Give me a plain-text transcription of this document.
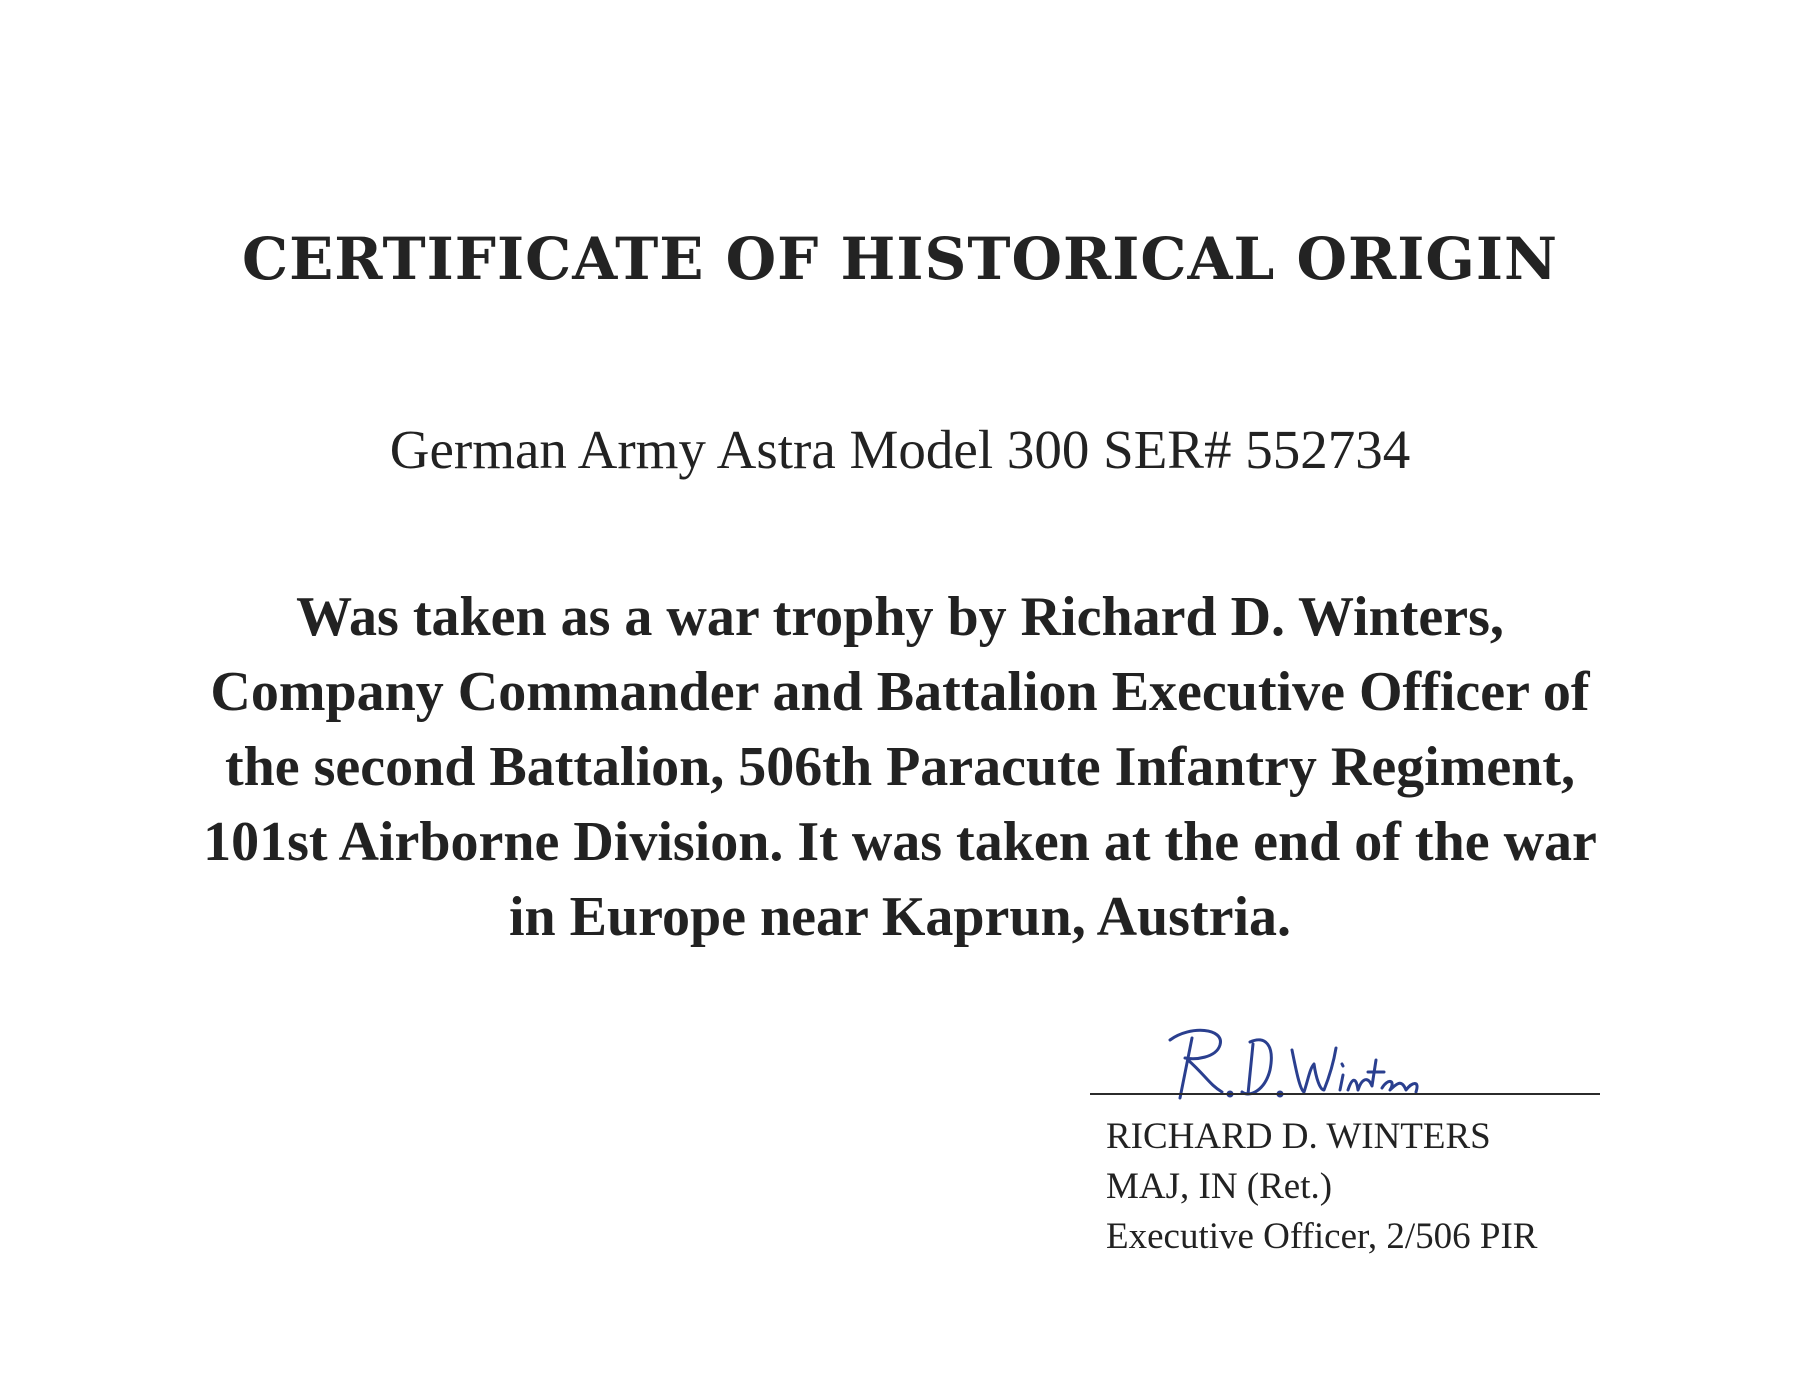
CERTIFICATE OF HISTORICAL ORIGIN
German Army Astra Model 300 SER# 552734
Was taken as a war trophy by Richard D. Winters, Company Commander and Battalion Executive Officer of the second Battalion, 506th Paracute Infantry Regiment, 101st Airborne Division. It was taken at the end of the war in Europe near Kaprun, Austria.
RICHARD D. WINTERS
MAJ, IN (Ret.)
Executive Officer, 2/506 PIR
